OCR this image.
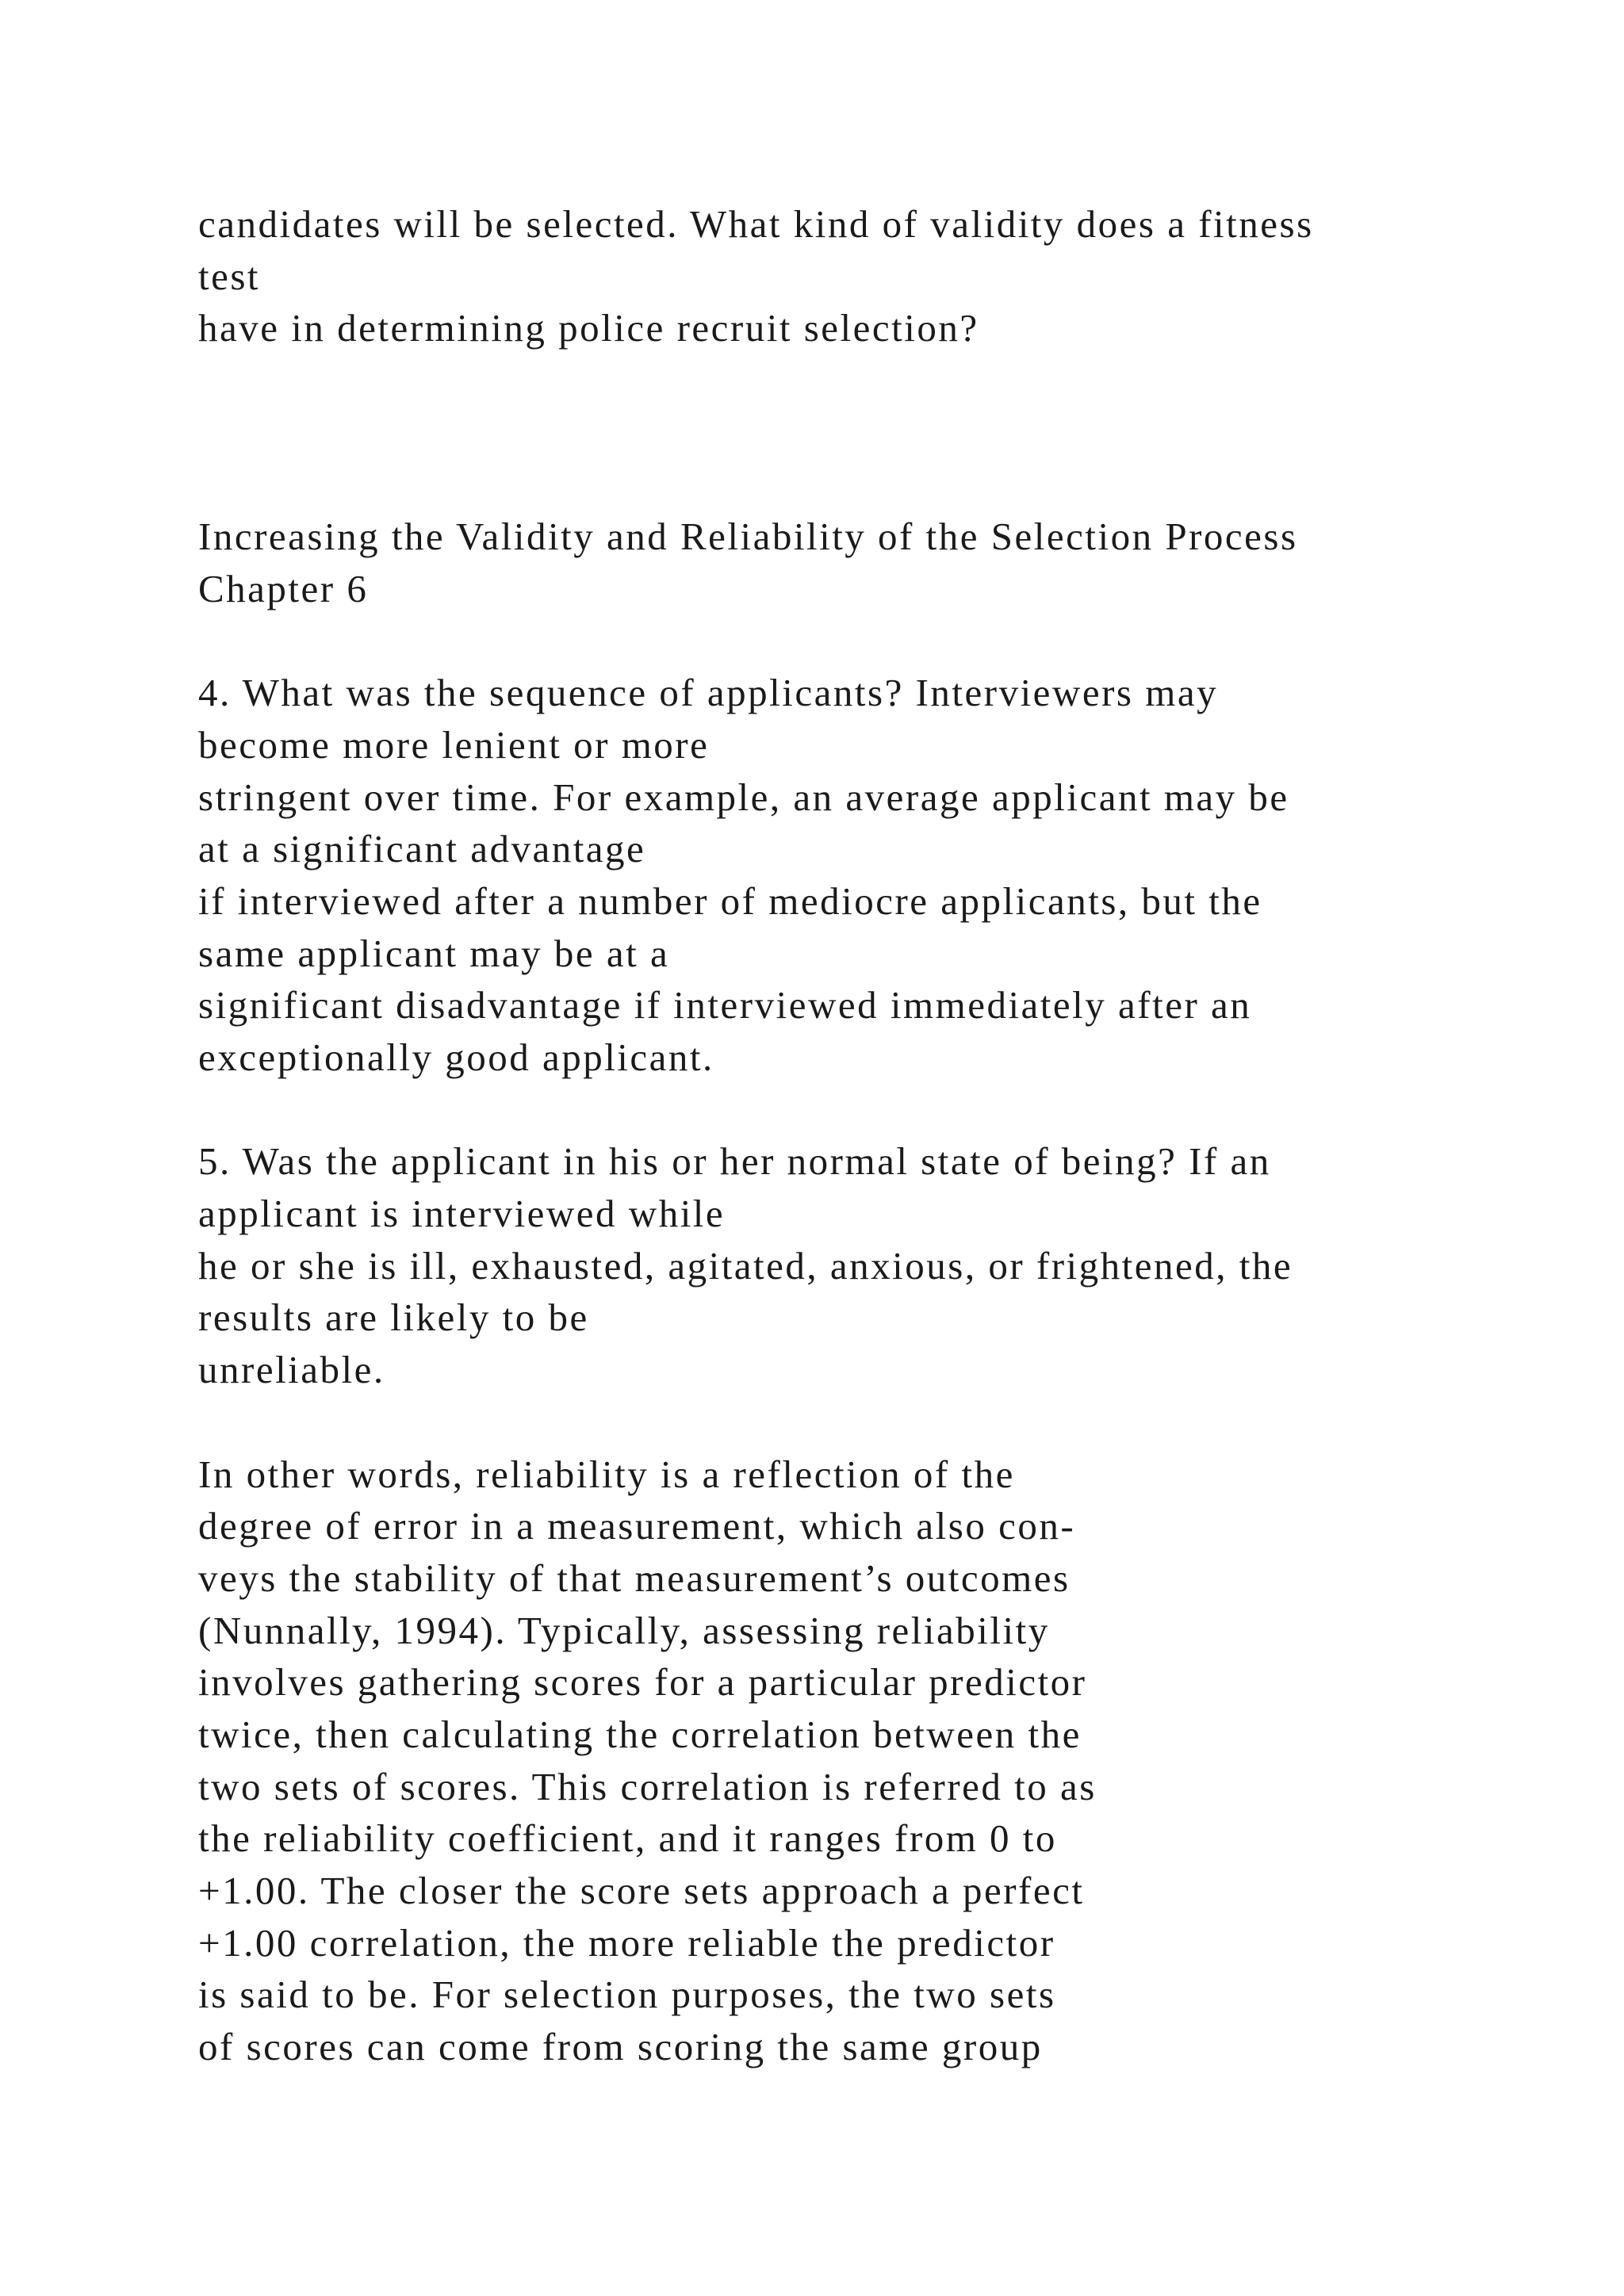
candidates will be selected. What kind of validity does a fitness
test
have in determining police recruit selection?
Increasing the Validity and Reliability of the Selection Process
Chapter 6
4. What was the sequence of applicants? Interviewers may
become more lenient or more
stringent over time. For example, an average applicant may be
at a significant advantage
if interviewed after a number of mediocre applicants, but the
same applicant may be at a
significant disadvantage if interviewed immediately after an
exceptionally good applicant.
5. Was the applicant in his or her normal state of being? If an
applicant is interviewed while
he or she is ill, exhausted, agitated, anxious, or frightened, the
results are likely to be
unreliable.
In other words, reliability is a reflection of the
degree of error in a measurement, which also con-
veys the stability of that measurement’s outcomes
(Nunnally, 1994). Typically, assessing reliability
involves gathering scores for a particular predictor
twice, then calculating the correlation between the
two sets of scores. This correlation is referred to as
the reliability coefficient, and it ranges from 0 to
+1.00. The closer the score sets approach a perfect
+1.00 correlation, the more reliable the predictor
is said to be. For selection purposes, the two sets
of scores can come from scoring the same group
